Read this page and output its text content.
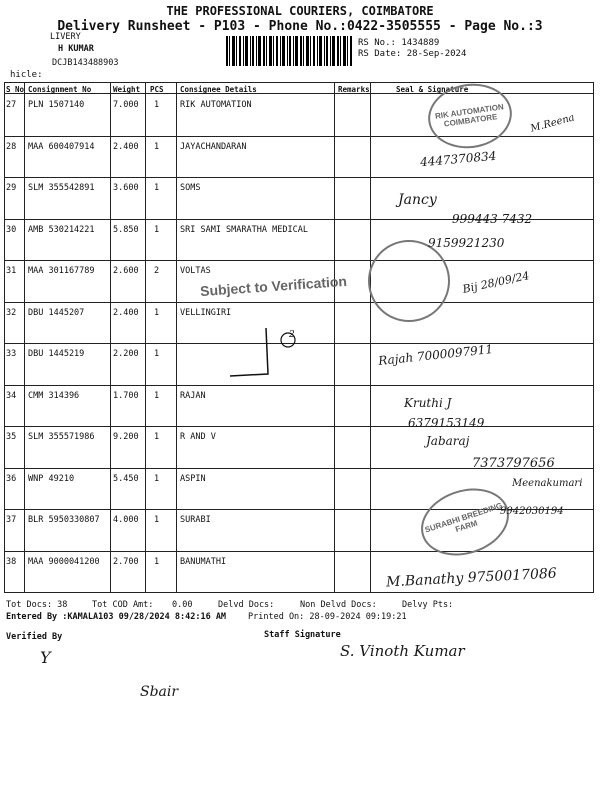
THE PROFESSIONAL COURIERS, COIMBATORE
Delivery Runsheet - P103 - Phone No.:0422-3505555 - Page No.:3
LIVERY
H KUMAR
DCJB143488903
hicle:
RS No.: 1434889
RS Date: 28-Sep-2024
S No Consignment No	Weight PCS Consignee Details	Remarks	Seal & Signature
27 PLN 1507140	7.000 1 RIK AUTOMATION
28 MAA 600407914 2.400 1 JAYACHANDARAN
29 SLM 355542891 3.600 1 SOMS
30 AMB 530214221 5.850 1 SRI SAMI SMARATHA MEDICAL
31 MAA 301167789 2.600 2 VOLTAS
32 DBU 1445207	2.400 1 VELLINGIRI
33 DBU 1445219	2.200 1
34 CMM 314396	1.700 1 RAJAN
35 SLM 355571986 9.200 1 R AND V
36 WNP 49210	5.450 1 ASPIN
37 BLR 5950330807 4.000 1 SURABI
38 MAA 9000041200 2.700 1 BANUMATHI
RIK AUTOMATION COIMBATORE
Subject to Verification
SURABHI BREEDING FARM
M.Reena
4447370834
Jancy
999443 7432
9159921230
Bij 28/09/24
Rajah 7000097911
2
Kruthi J
6379153149
Jabaraj
7373797656
Meenakumari
9942030194
M.Banathy 9750017086
Tot Docs: 38	Tot COD Amt: 0.00	Delvd Docs:	Non Delvd Docs:	Delvy Pts:
Entered By :KAMALA103 09/28/2024 8:42:16 AM	Printed On: 28-09-2024 09:19:21
Verified By	Staff Signature
S. Vinoth Kumar
Y
Sbair
